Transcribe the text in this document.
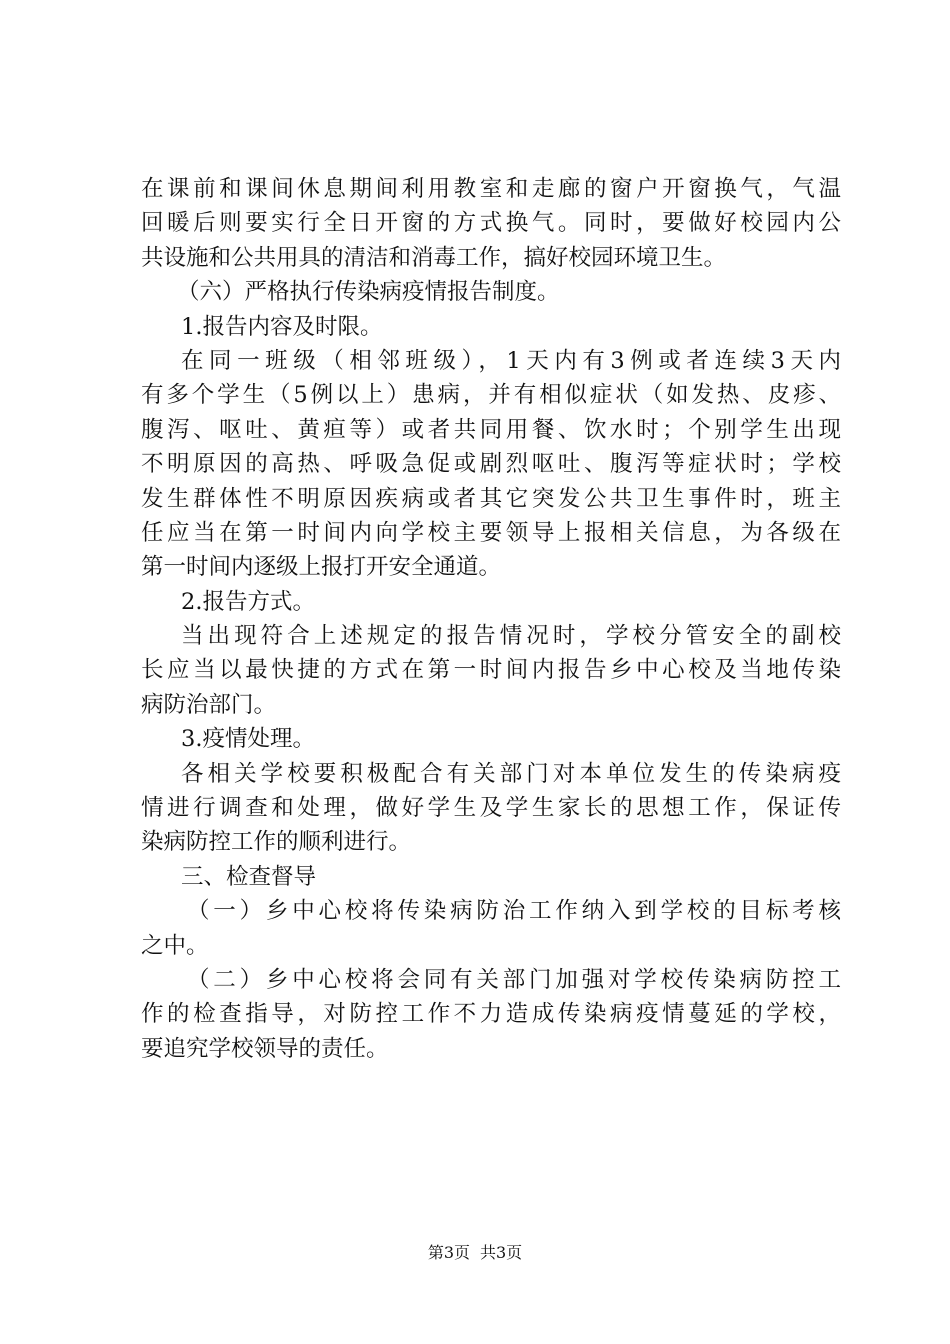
在课前和课间休息期间利用教室和走廊的窗户开窗换气，气温
回暖后则要实行全日开窗的方式换气。同时，要做好校园内公
共设施和公共用具的清洁和消毒工作，搞好校园环境卫生。
（六）严格执行传染病疫情报告制度。
1.报告内容及时限。
在同一班级（相邻班级），1天内有3例或者连续3天内
有多个学生（5例以上）患病，并有相似症状（如发热、皮疹、
腹泻、呕吐、黄疸等）或者共同用餐、饮水时；个别学生出现
不明原因的高热、呼吸急促或剧烈呕吐、腹泻等症状时；学校
发生群体性不明原因疾病或者其它突发公共卫生事件时，班主
任应当在第一时间内向学校主要领导上报相关信息，为各级在
第一时间内逐级上报打开安全通道。
2.报告方式。
当出现符合上述规定的报告情况时，学校分管安全的副校
长应当以最快捷的方式在第一时间内报告乡中心校及当地传染
病防治部门。
3.疫情处理。
各相关学校要积极配合有关部门对本单位发生的传染病疫
情进行调查和处理，做好学生及学生家长的思想工作，保证传
染病防控工作的顺利进行。
三、检查督导
（一）乡中心校将传染病防治工作纳入到学校的目标考核
之中。
（二）乡中心校将会同有关部门加强对学校传染病防控工
作的检查指导，对防控工作不力造成传染病疫情蔓延的学校，
要追究学校领导的责任。
第3页 共3页
